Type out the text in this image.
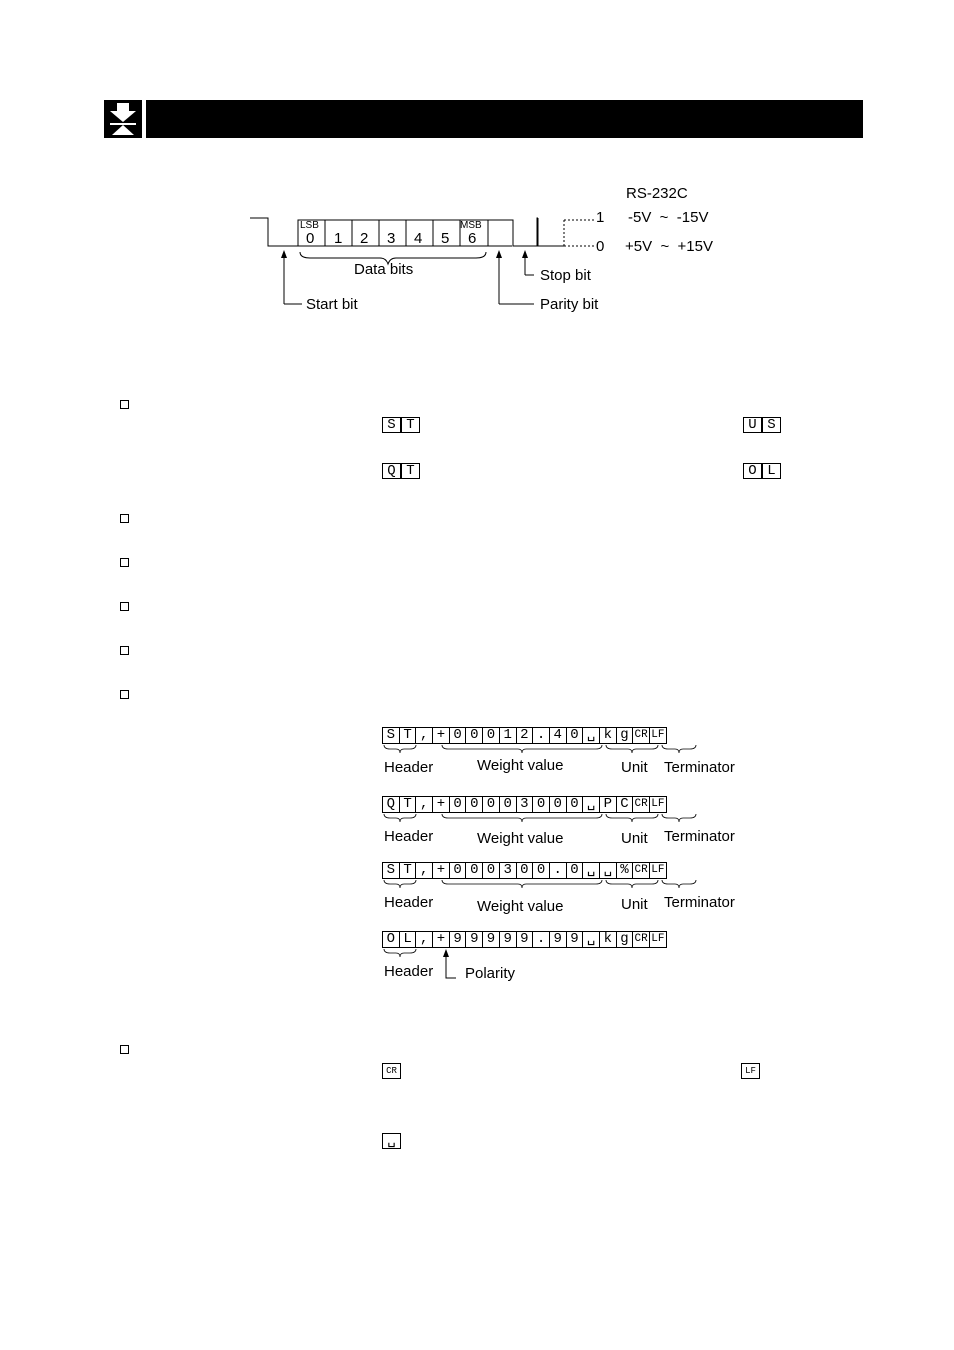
RS-232C
1
0
-5V  ~  -15V
+5V  ~  +15V
LSB	MSB
0 1 2 3 4 5 6
Data bits
Start bit	Parity bit
Stop bit
S T	U S
Q T	O L
S T , + 0 0 0 1 2 . 4 0 ␣ k g CR LF
Header	Weight value	Unit Terminator
Q T , + 0 0 0 0 3 0 0 0 ␣ P C CR LF
Header	Weight value	Unit Terminator
S T , + 0 0 0 3 0 0 . 0 ␣ ␣ % CR LF
Header	Weight value	Unit Terminator
O L , + 9 9 9 9 9 . 9 9 ␣ k g CR LF
Header Polarity
CR	LF
␣
